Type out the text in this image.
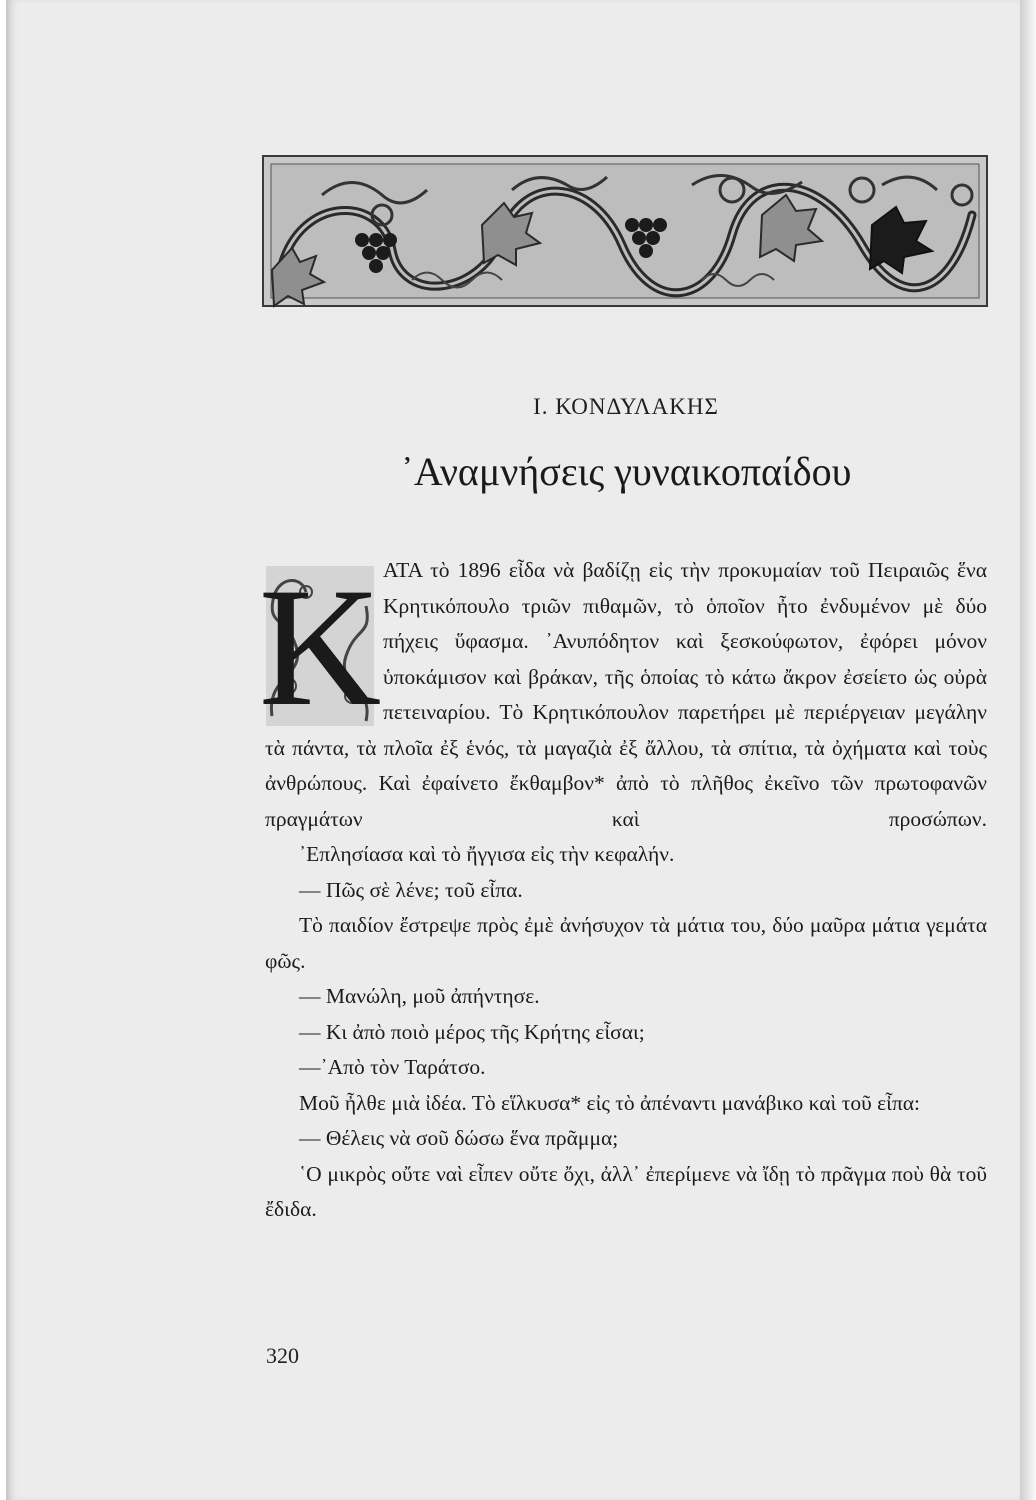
Ι. ΚΟΝΔΥΛΑΚΗΣ
᾿Αναμνήσεις γυναικοπαίδου
Κ ΑΤΑ τὸ 1896 εἶδα νὰ βαδίζῃ εἰς τὴν προκυμαίαν τοῦ Πειραιῶς ἕνα Κρητικόπουλο τριῶν πιθαμῶν, τὸ ὁποῖον ἦτο ἐνδυμένον μὲ δύο πήχεις ὕφασμα. ᾿Ανυπόδητον καὶ ξεσκούφωτον, ἐφόρει μόνον ὑποκάμισον καὶ βράκαν, τῆς ὁποίας τὸ κάτω ἄκρον ἐσείετο ὡς οὐρὰ πετειναρίου. Τὸ Κρητικόπουλον παρετήρει μὲ περιέργειαν μεγάλην τὰ πάντα, τὰ πλοῖα ἐξ ἑνός, τὰ μαγαζιὰ ἐξ ἄλλου, τὰ σπίτια, τὰ ὀχήματα καὶ τοὺς ἀνθρώπους. Καὶ ἐφαίνετο ἔκθαμβον* ἀπὸ τὸ πλῆθος ἐκεῖνο τῶν πρωτοφανῶν πραγμάτων καὶ προσώπων.

᾿Επλησίασα καὶ τὸ ἤγγισα εἰς τὴν κεφαλήν.

— Πῶς σὲ λένε; τοῦ εἶπα.

Τὸ παιδίον ἔστρεψε πρὸς ἐμὲ ἀνήσυχον τὰ μάτια του, δύο μαῦρα μάτια γεμάτα φῶς.

— Μανώλη, μοῦ ἀπήντησε.

— Κι ἀπὸ ποιὸ μέρος τῆς Κρήτης εἶσαι;

—᾿Απὸ τὸν Ταράτσο.

Μοῦ ἦλθε μιὰ ἰδέα. Τὸ εἵλκυσα* εἰς τὸ ἀπέναντι μανάβικο καὶ τοῦ εἶπα:

— Θέλεις νὰ σοῦ δώσω ἕνα πρᾶμμα;

῾Ο μικρὸς οὔτε ναὶ εἶπεν οὔτε ὄχι, ἀλλ᾿ ἐπερίμενε νὰ ἴδῃ τὸ πρᾶγμα ποὺ θὰ τοῦ ἔδιδα.

320
